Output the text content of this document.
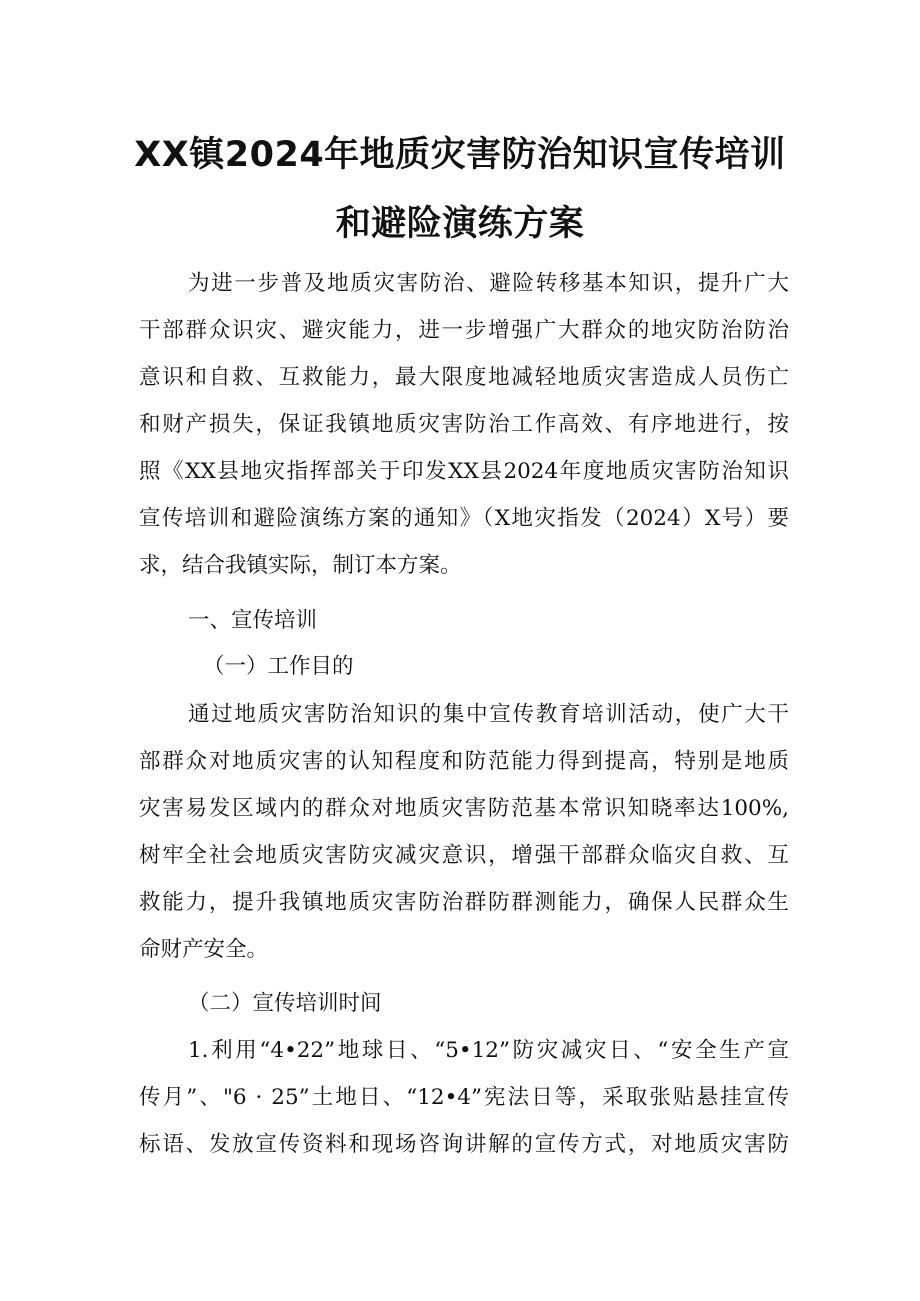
XX镇2024年地质灾害防治知识宣传培训
和避险演练方案
为进一步普及地质灾害防治、避险转移基本知识，提升广大
干部群众识灾、避灾能力，进一步增强广大群众的地灾防治防治
意识和自救、互救能力，最大限度地减轻地质灾害造成人员伤亡
和财产损失，保证我镇地质灾害防治工作高效、有序地进行，按
照《XX县地灾指挥部关于印发XX县2024年度地质灾害防治知识
宣传培训和避险演练方案的通知》（X地灾指发（2024）X号）要
求，结合我镇实际，制订本方案。
一、宣传培训
（一）工作目的
通过地质灾害防治知识的集中宣传教育培训活动，使广大干
部群众对地质灾害的认知程度和防范能力得到提高，特别是地质
灾害易发区域内的群众对地质灾害防范基本常识知晓率达100%,
树牢全社会地质灾害防灾减灾意识，增强干部群众临灾自救、互
救能力，提升我镇地质灾害防治群防群测能力，确保人民群众生
命财产安全。
（二）宣传培训时间
1.利用“4•22”地球日、“5•12”防灾减灾日、“安全生产宣
传月”、"6 · 25”土地日、“12•4”宪法日等，采取张贴悬挂宣传
标语、发放宣传资料和现场咨询讲解的宣传方式，对地质灾害防
